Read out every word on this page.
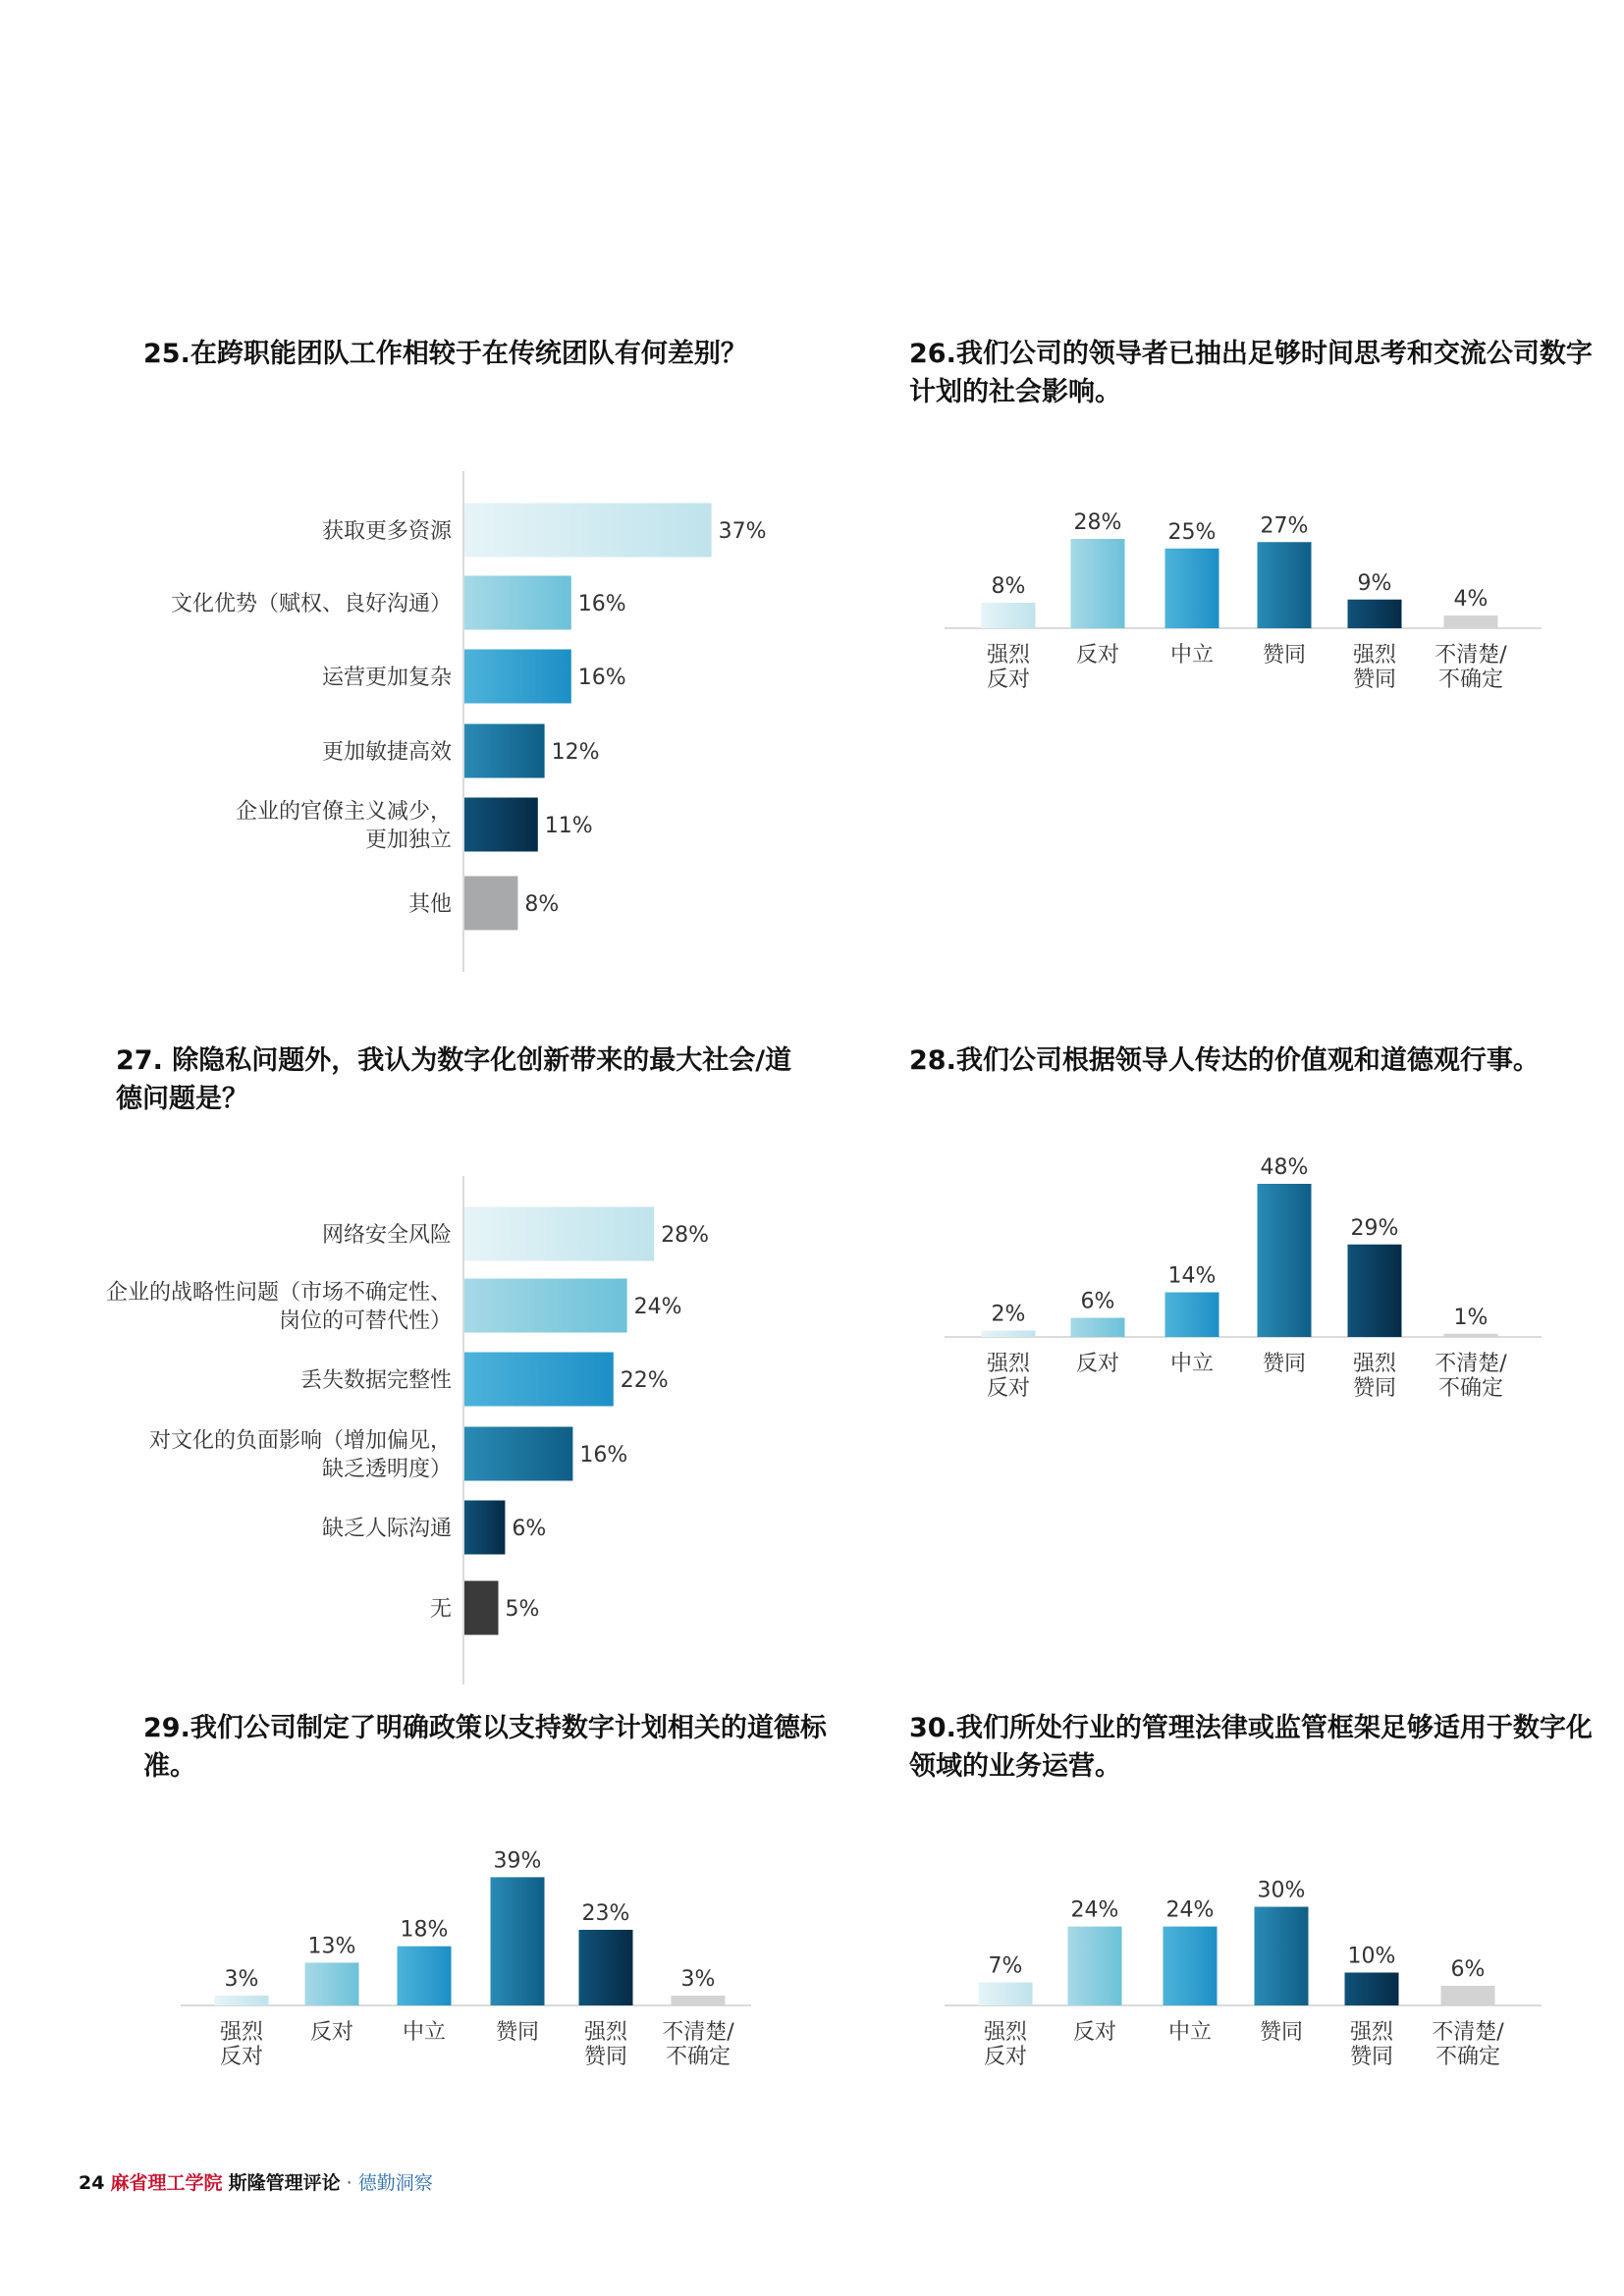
25.在跨职能团队工作相较于在传统团队有何差别？	26.我们公司的领导者已抽出足够时间思考和交流公司数字计划的社会影响。
27. 除隐私问题外，我认为数字化创新带来的最大社会/道德问题是？
28.我们公司根据领导人传达的价值观和道德观行事。
29.我们公司制定了明确政策以支持数字计划相关的道德标准。
30.我们所处行业的管理法律或监管框架足够适用于数字化领域的业务运营。
37%
获取更多资源
16%
文化优势（赋权、良好沟通）
16%
运营更加复杂
12%
更加敏捷高效
11%
企业的官僚主义减少，更加独立
8%
其他
8%
强烈反对
28%
反对
25%
中立
27%
赞同
9%
强烈赞同
4%
不清楚/不确定
28%
网络安全风险
24%
企业的战略性问题（市场不确定性、岗位的可替代性）
22%
丢失数据完整性
16%
对文化的负面影响（增加偏见，缺乏透明度）
6%
缺乏人际沟通
5%
无
2%
强烈反对
6%
反对
14%
中立
48%
赞同
29%
强烈赞同
1%
不清楚/不确定
3%
强烈反对
13%
反对
18%
中立
39%
赞同
23%
强烈赞同
3%
不清楚/不确定
7%
强烈反对
24%
反对
24%
中立
30%
赞同
10%
强烈赞同
6%
不清楚/不确定
24 麻省理工学院 斯隆管理评论 · 德勤洞察
